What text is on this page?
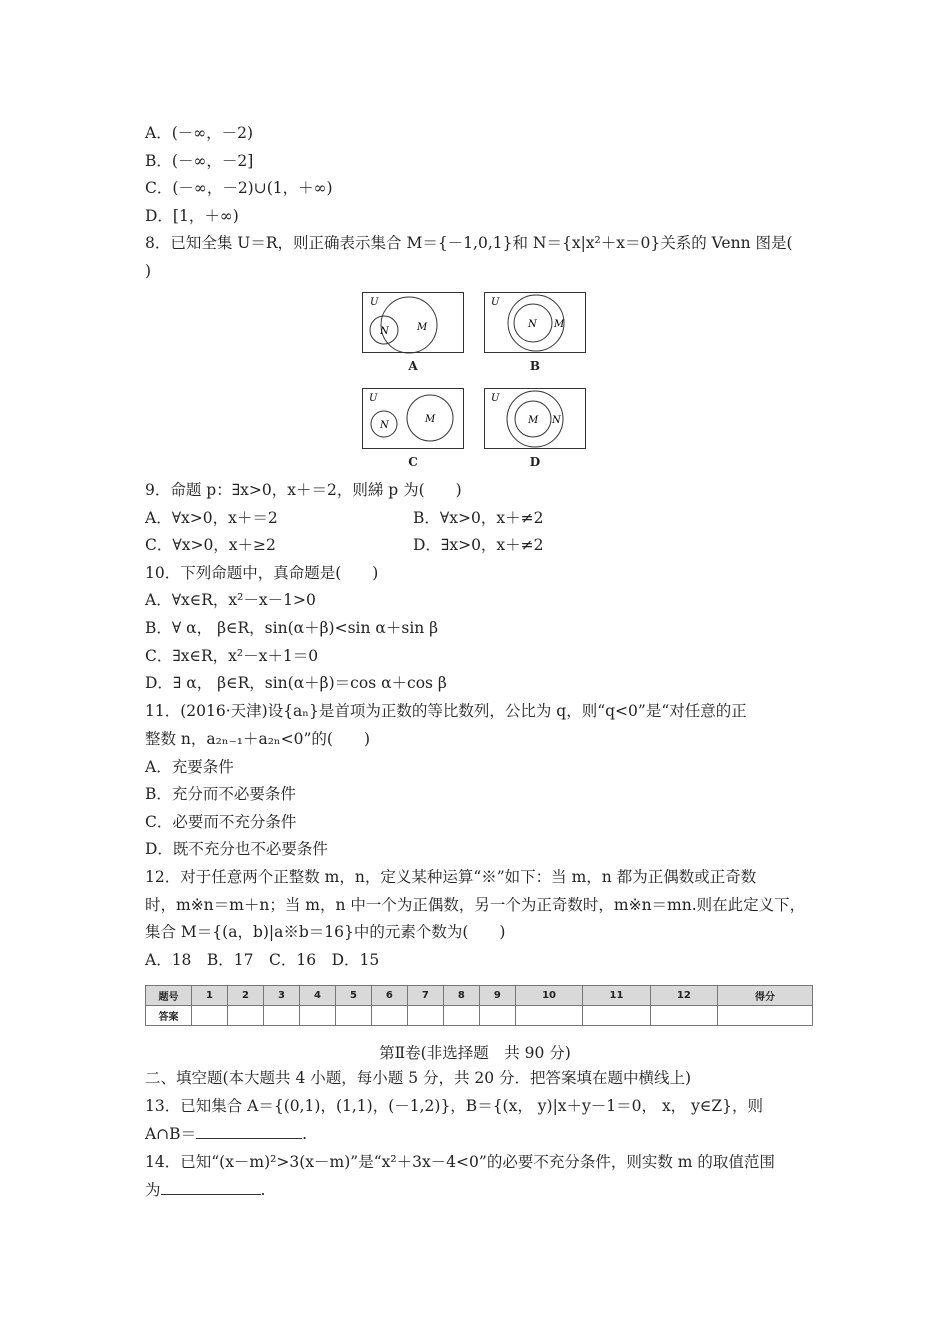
A．(－∞，－2)
B．(－∞，－2]
C．(－∞，－2)∪(1，＋∞)
D．[1，＋∞)
8．已知全集 U＝R，则正确表示集合 M＝{－1,0,1}和 N＝{x|x²＋x＝0}关系的 Venn 图是(
)
U
N	M
A
U
N M
B
U
N
M
C
U
M N
D
9．命题 p：∃x>0，x＋＝2，则綈 p 为(　　)
A．∀x>0，x＋＝2	B．∀x>0，x＋≠2
C．∀x>0，x＋≥2	D．∃x>0，x＋≠2
10．下列命题中，真命题是(　　)
A．∀x∈R，x²－x－1>0
B．∀ α， β∈R，sin(α＋β)<sin α＋sin β
C．∃x∈R，x²－x＋1＝0
D．∃ α， β∈R，sin(α＋β)＝cos α＋cos β
11．(2016·天津)设{aₙ}是首项为正数的等比数列，公比为 q，则“q<0”是“对任意的正
整数 n，a₂ₙ₋₁＋a₂ₙ<0”的(　　)
A．充要条件
B．充分而不必要条件
C．必要而不充分条件
D．既不充分也不必要条件
12．对于任意两个正整数 m，n，定义某种运算“※”如下：当 m，n 都为正偶数或正奇数
时，m※n＝m＋n；当 m，n 中一个为正偶数，另一个为正奇数时，m※n＝mn.则在此定义下，
集合 M＝{(a，b)|a※b＝16}中的元素个数为(　　)
A．18　B．17　C．16　D．15
题号	1	2	3	4	5	6	7	8	9	10	11	12	得分
答案													
第Ⅱ卷(非选择题　共 90 分)
二、填空题(本大题共 4 小题，每小题 5 分，共 20 分．把答案填在题中横线上)
13．已知集合 A＝{(0,1)，(1,1)，(－1,2)}，B＝{(x， y)|x＋y－1＝0， x， y∈Z}，则
A∩B＝	.
14．已知“(x－m)²>3(x－m)”是“x²＋3x－4<0”的必要不充分条件，则实数 m 的取值范围
为	.
